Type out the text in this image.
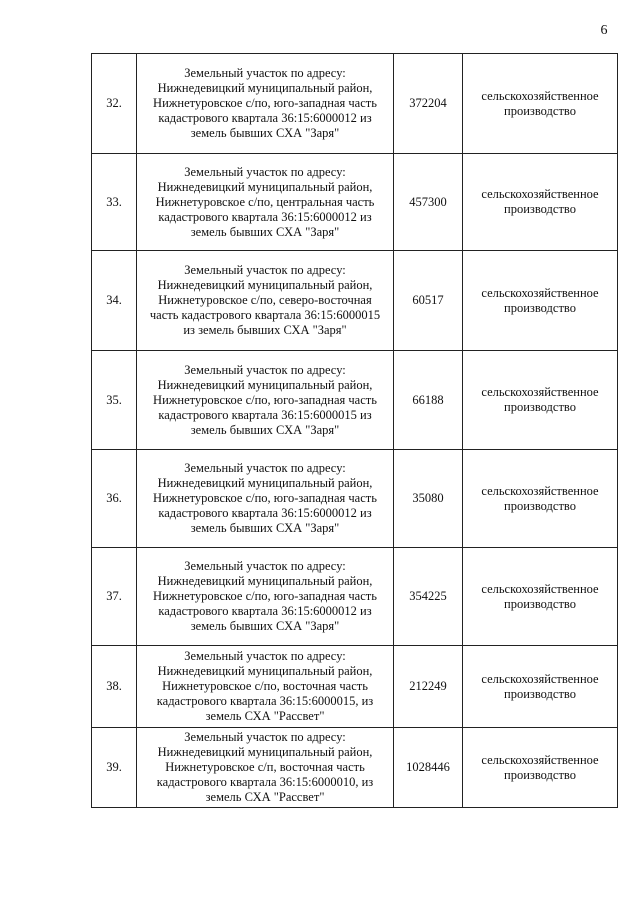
6
32.	Земельный участок по адресу:
Нижнедевицкий муниципальный район,
Нижнетуровское с/по, юго-западная часть
кадастрового квартала 36:15:6000012 из
земель бывших СХА "Заря"	372204	сельскохозяйственное
производство

33.	Земельный участок по адресу:
Нижнедевицкий муниципальный район,
Нижнетуровское с/по, центральная часть
кадастрового квартала 36:15:6000012 из
земель бывших СХА "Заря"	457300	сельскохозяйственное
производство

34.	Земельный участок по адресу:
Нижнедевицкий муниципальный район,
Нижнетуровское с/по, северо-восточная
часть кадастрового квартала 36:15:6000015
из земель бывших СХА "Заря"	60517	сельскохозяйственное
производство

35.	Земельный участок по адресу:
Нижнедевицкий муниципальный район,
Нижнетуровское с/по, юго-западная часть
кадастрового квартала 36:15:6000015 из
земель бывших СХА "Заря"	66188	сельскохозяйственное
производство

36.	Земельный участок по адресу:
Нижнедевицкий муниципальный район,
Нижнетуровское с/по, юго-западная часть
кадастрового квартала 36:15:6000012 из
земель бывших СХА "Заря"	35080	сельскохозяйственное
производство

37.	Земельный участок по адресу:
Нижнедевицкий муниципальный район,
Нижнетуровское с/по, юго-западная часть
кадастрового квартала 36:15:6000012 из
земель бывших СХА "Заря"	354225	сельскохозяйственное
производство

38.	Земельный участок по адресу:
Нижнедевицкий муниципальный район,
Нижнетуровское с/по, восточная часть
кадастрового квартала 36:15:6000015, из
земель СХА "Рассвет"	212249	сельскохозяйственное
производство

39.	Земельный участок по адресу:
Нижнедевицкий муниципальный район,
Нижнетуровское с/п, восточная часть
кадастрового квартала 36:15:6000010, из
земель СХА "Рассвет"	1028446	сельскохозяйственное
производство
